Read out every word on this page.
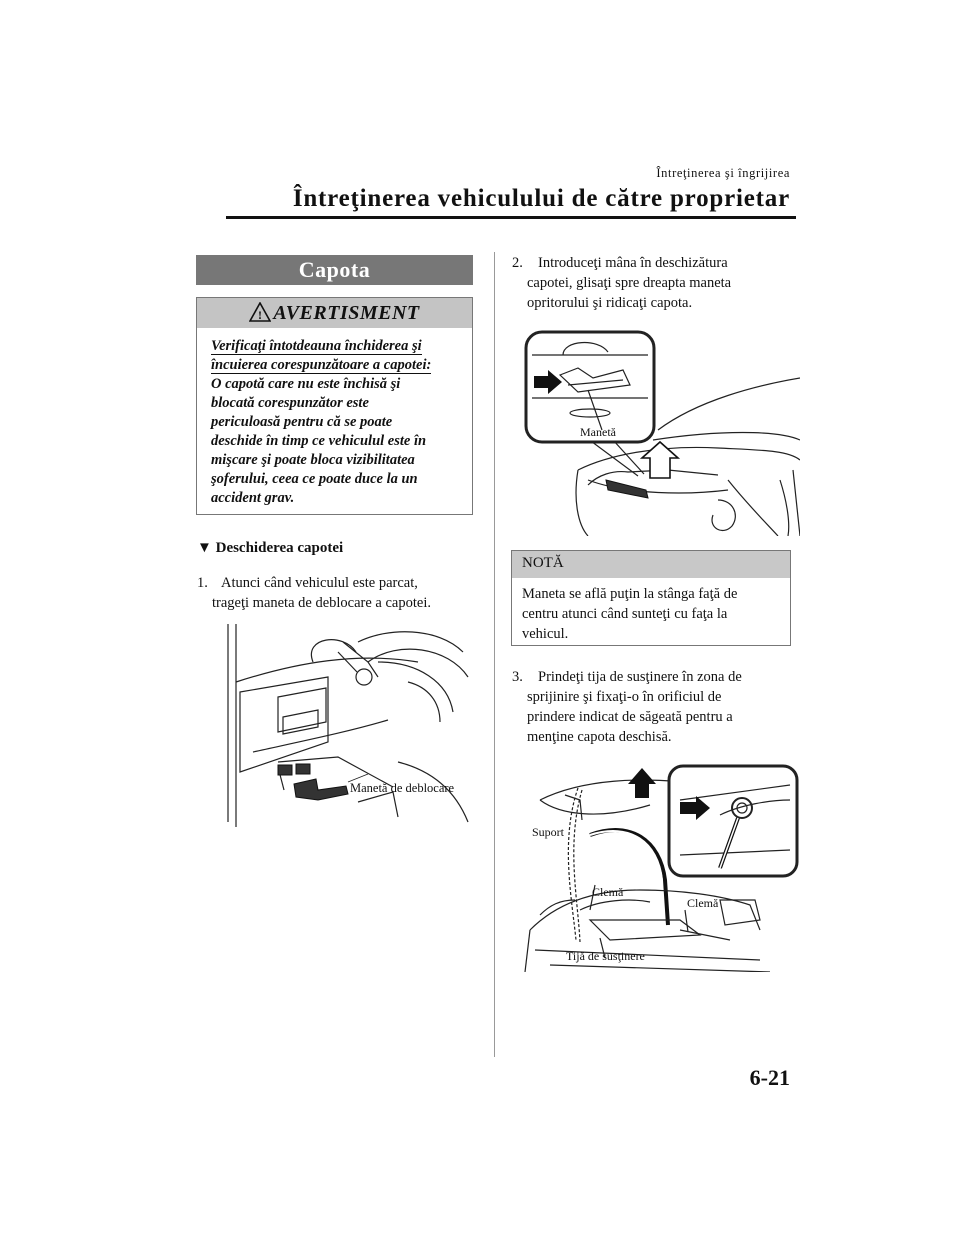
Întreţinerea şi îngrijirea
Întreţinerea vehiculului de către proprietar
Capota
! AVERTISMENT
Verificaţi întotdeauna închiderea şi
încuierea corespunzătoare a capotei:
O capotă care nu este închisă şi
blocată corespunzător este
periculoasă pentru că se poate
deschide în timp ce vehiculul este în
mişcare şi poate bloca vizibilitatea
şoferului, ceea ce poate duce la un
accident grav.
▼ Deschiderea capotei
1. Atunci când vehiculul este parcat,
trageţi maneta de deblocare a capotei.
Manetă de deblocare
2. Introduceţi mâna în deschizătura
capotei, glisaţi spre dreapta maneta
opritorului şi ridicaţi capota.
Manetă
NOTĂ
Maneta se află puţin la stânga faţă de
centru atunci când sunteţi cu faţa la
vehicul.
3. Prindeţi tija de susţinere în zona de
sprijinire şi fixaţi-o în orificiul de
prindere indicat de săgeată pentru a
menţine capota deschisă.
Suport
Clemă
Clemă
Tijă de susţinere
6-21
